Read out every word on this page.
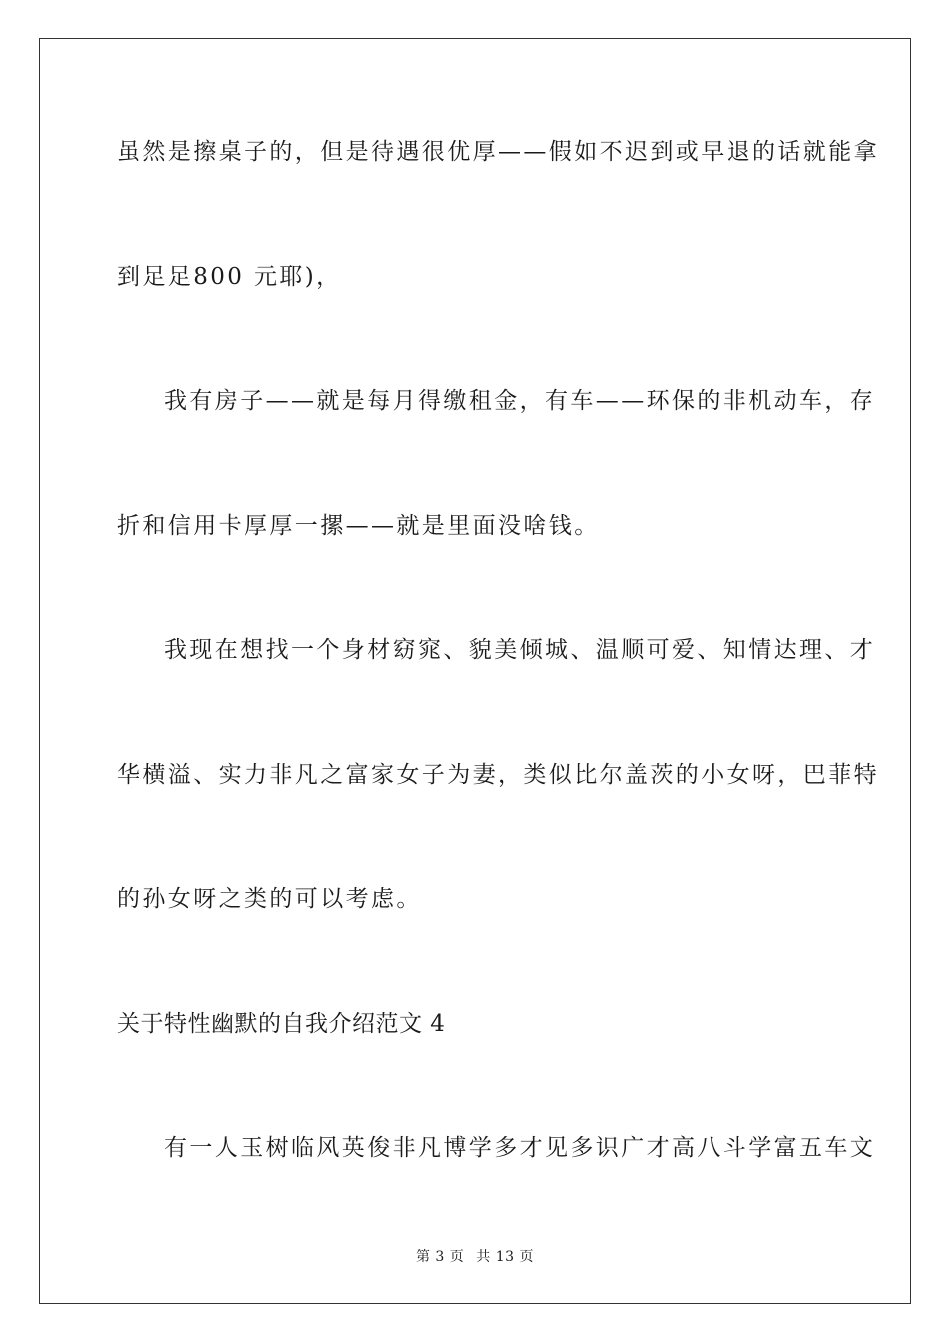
虽然是擦桌子的，但是待遇很优厚——假如不迟到或早退的话就能拿
到足足800 元耶)，
我有房子——就是每月得缴租金，有车——环保的非机动车，存
折和信用卡厚厚一摞——就是里面没啥钱。
我现在想找一个身材窈窕、貌美倾城、温顺可爱、知情达理、才
华横溢、实力非凡之富家女子为妻，类似比尔盖茨的小女呀，巴菲特
的孙女呀之类的可以考虑。
关于特性幽默的自我介绍范文 4
有一人玉树临风英俊非凡博学多才见多识广才高八斗学富五车文
第 3 页 共 13 页
